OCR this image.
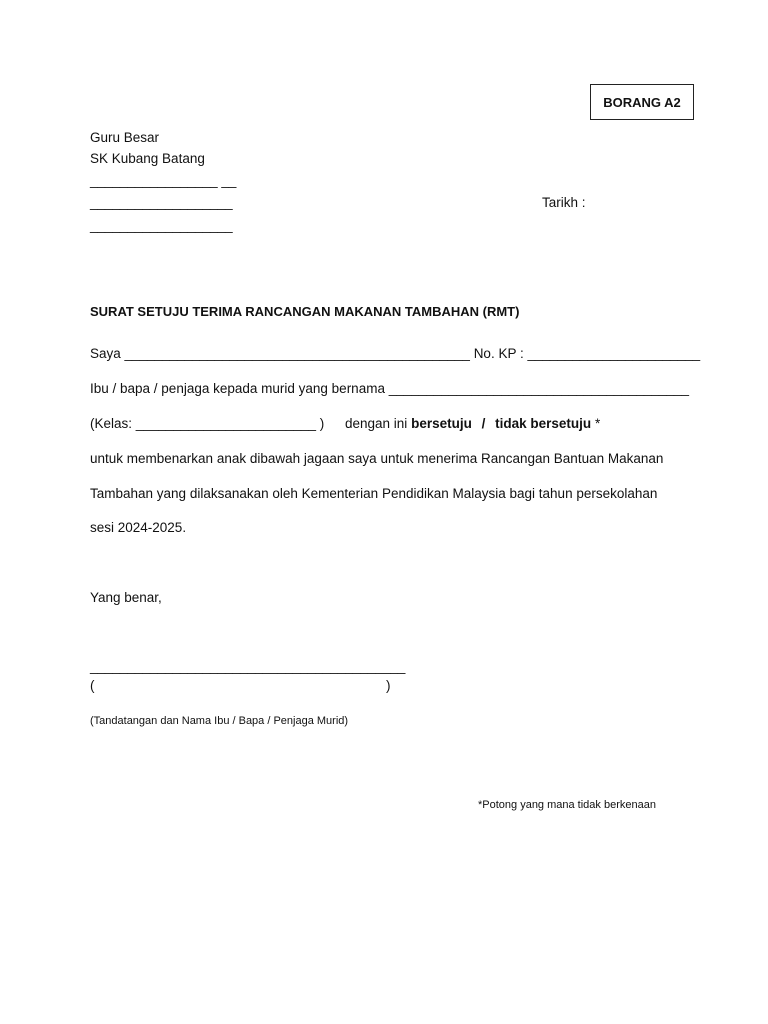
BORANG A2
Guru Besar
SK Kubang Batang
_________________ __
___________________
___________________
Tarikh :
SURAT SETUJU TERIMA RANCANGAN MAKANAN TAMBAHAN (RMT)
Saya ______________________________________________ No. KP : _______________________
Ibu / bapa / penjaga kepada murid yang bernama ________________________________________
(Kelas: ________________________ ) dengan ini bersetuju / tidak bersetuju *
untuk membenarkan anak dibawah jagaan saya untuk menerima Rancangan Bantuan Makanan
Tambahan yang dilaksanakan oleh Kementerian Pendidikan Malaysia bagi tahun persekolahan
sesi 2024-2025.
Yang benar,
__________________________________________
(	)
(Tandatangan dan Nama Ibu / Bapa / Penjaga Murid)
*Potong yang mana tidak berkenaan
